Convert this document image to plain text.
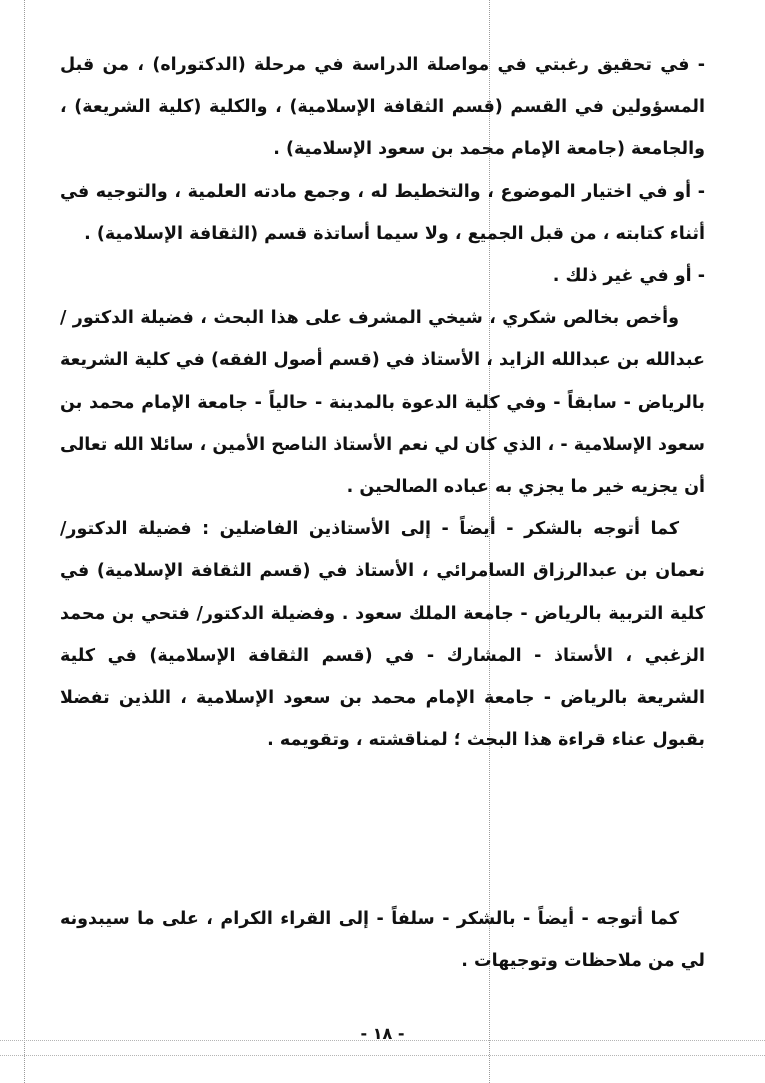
- في تحقيق رغبتي في مواصلة الدراسة في مرحلة (الدكتوراه) ، من قبل المسؤولين في القسم (قسم الثقافة الإسلامية) ، والكلية (كلية الشريعة) ، والجامعة (جامعة الإمام محمد بن سعود الإسلامية) .

- أو في اختيار الموضوع ، والتخطيط له ، وجمع مادته العلمية ، والتوجيه في أثناء كتابته ، من قبل الجميع ، ولا سيما أساتذة قسم (الثقافة الإسلامية) .

- أو في غير ذلك .

وأخص بخالص شكري ، شيخي المشرف على هذا البحث ، فضيلة الدكتور / عبدالله بن عبدالله الزايد ، الأستاذ في (قسم أصول الفقه) في كلية الشريعة بالرياض - سابقاً - وفي كلية الدعوة بالمدينة - حالياً - جامعة الإمام محمد بن سعود الإسلامية - ، الذي كان لي نعم الأستاذ الناصح الأمين ، سائلا الله تعالى أن يجزيه خير ما يجزي به عباده الصالحين .

كما أتوجه بالشكر - أيضاً - إلى الأستاذين الفاضلين : فضيلة الدكتور/ نعمان بن عبدالرزاق السامرائي ، الأستاذ في (قسم الثقافة الإسلامية) في كلية التربية بالرياض - جامعة الملك سعود . وفضيلة الدكتور/ فتحي بن محمد الزغبي ، الأستاذ - المشارك - في (قسم الثقافة الإسلامية) في كلية الشريعة بالرياض - جامعة الإمام محمد بن سعود الإسلامية ، اللذين تفضلا بقبول عناء قراءة هذا البحث ؛ لمناقشته ، وتقويمه .

كما أتوجه - أيضاً - بالشكر - سلفاً - إلى القراء الكرام ، على ما سيبدونه لي من ملاحظات وتوجيهات .

- ١٨ -
